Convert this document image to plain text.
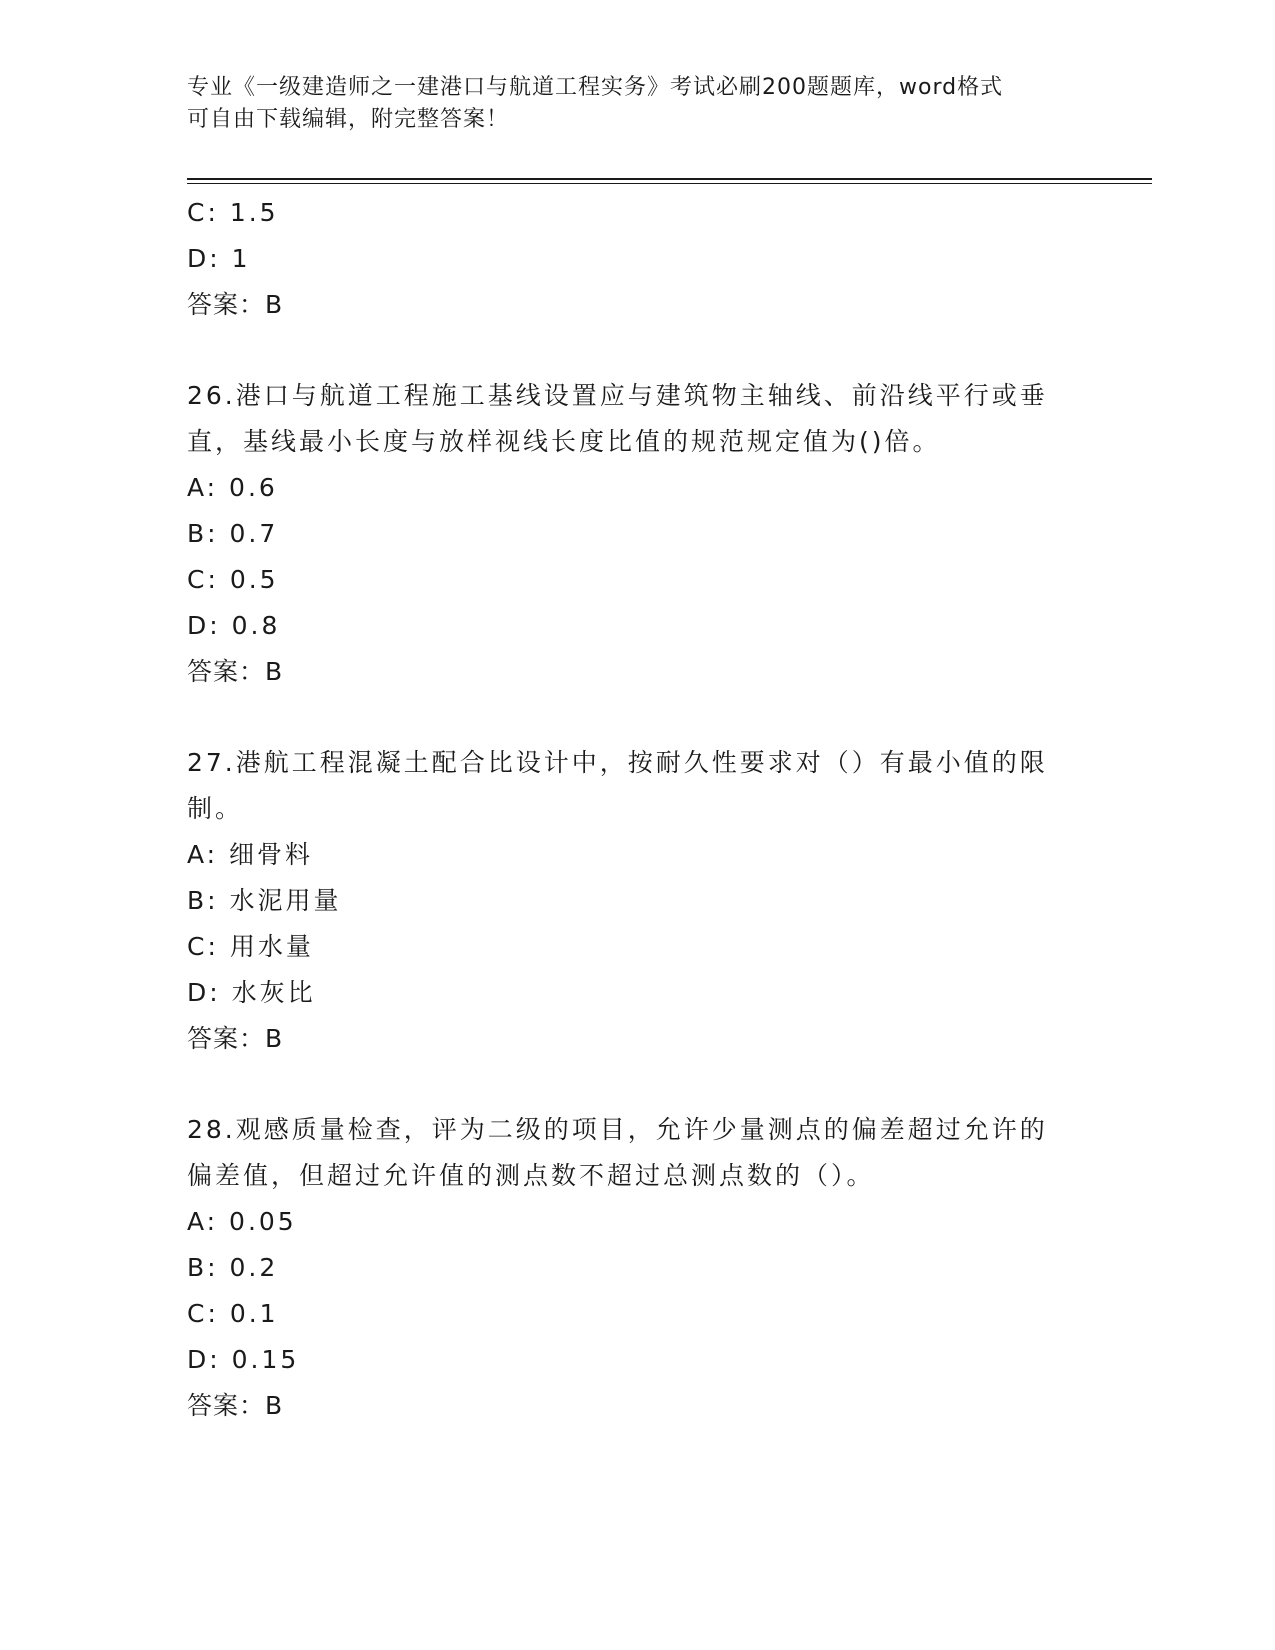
专业《一级建造师之一建港口与航道工程实务》考试必刷200题题库，word格式
可自由下载编辑，附完整答案！
C: 1.5
D: 1
答案：B
26.港口与航道工程施工基线设置应与建筑物主轴线、前沿线平行或垂
直，基线最小长度与放样视线长度比值的规范规定值为()倍。
A: 0.6
B: 0.7
C: 0.5
D: 0.8
答案：B
27.港航工程混凝土配合比设计中，按耐久性要求对（）有最小值的限
制。
A: 细骨料
B: 水泥用量
C: 用水量
D: 水灰比
答案：B
28.观感质量检查，评为二级的项目，允许少量测点的偏差超过允许的
偏差值，但超过允许值的测点数不超过总测点数的（）。
A: 0.05
B: 0.2
C: 0.1
D: 0.15
答案：B
